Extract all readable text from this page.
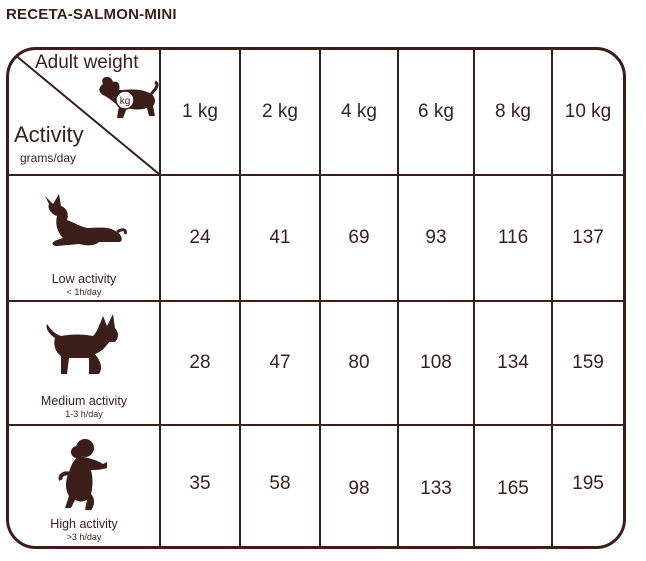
RECETA-SALMON-MINI
Adult weight
kg
Activity
grams/day
1 kg	2 kg	4 kg	6 kg	8 kg	10 kg
Low activity
< 1h/day
24	41	69	93	116	137
Medium activity
1-3 h/day
28	47	80	108	134	159
High activity
>3 h/day
35	58	98	133	165	195
